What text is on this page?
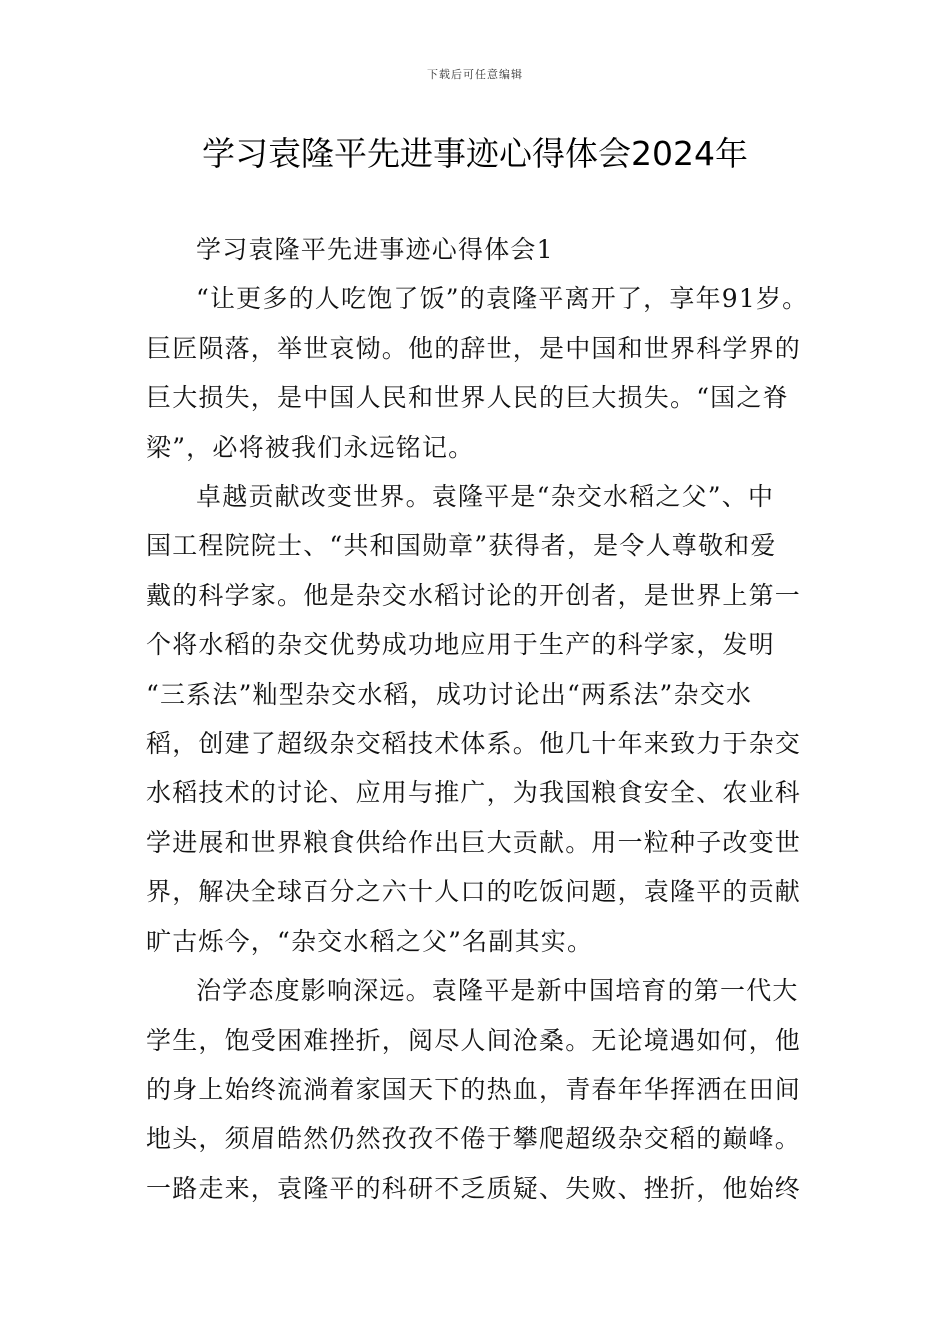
下载后可任意编辑
学习袁隆平先进事迹心得体会2024年

学习袁隆平先进事迹心得体会1

“让更多的人吃饱了饭”的袁隆平离开了，享年91岁。
巨匠陨落，举世哀恸。他的辞世，是中国和世界科学界的
巨大损失，是中国人民和世界人民的巨大损失。“国之脊
梁”，必将被我们永远铭记。

卓越贡献改变世界。袁隆平是“杂交水稻之父”、中
国工程院院士、“共和国勋章”获得者，是令人尊敬和爱
戴的科学家。他是杂交水稻讨论的开创者，是世界上第一
个将水稻的杂交优势成功地应用于生产的科学家，发明
“三系法”籼型杂交水稻，成功讨论出“两系法”杂交水
稻，创建了超级杂交稻技术体系。他几十年来致力于杂交
水稻技术的讨论、应用与推广，为我国粮食安全、农业科
学进展和世界粮食供给作出巨大贡献。用一粒种子改变世
界，解决全球百分之六十人口的吃饭问题，袁隆平的贡献
旷古烁今，“杂交水稻之父”名副其实。

治学态度影响深远。袁隆平是新中国培育的第一代大
学生，饱受困难挫折，阅尽人间沧桑。无论境遇如何，他
的身上始终流淌着家国天下的热血，青春年华挥洒在田间
地头，须眉皓然仍然孜孜不倦于攀爬超级杂交稻的巅峰。
一路走来，袁隆平的科研不乏质疑、失败、挫折，他始终
